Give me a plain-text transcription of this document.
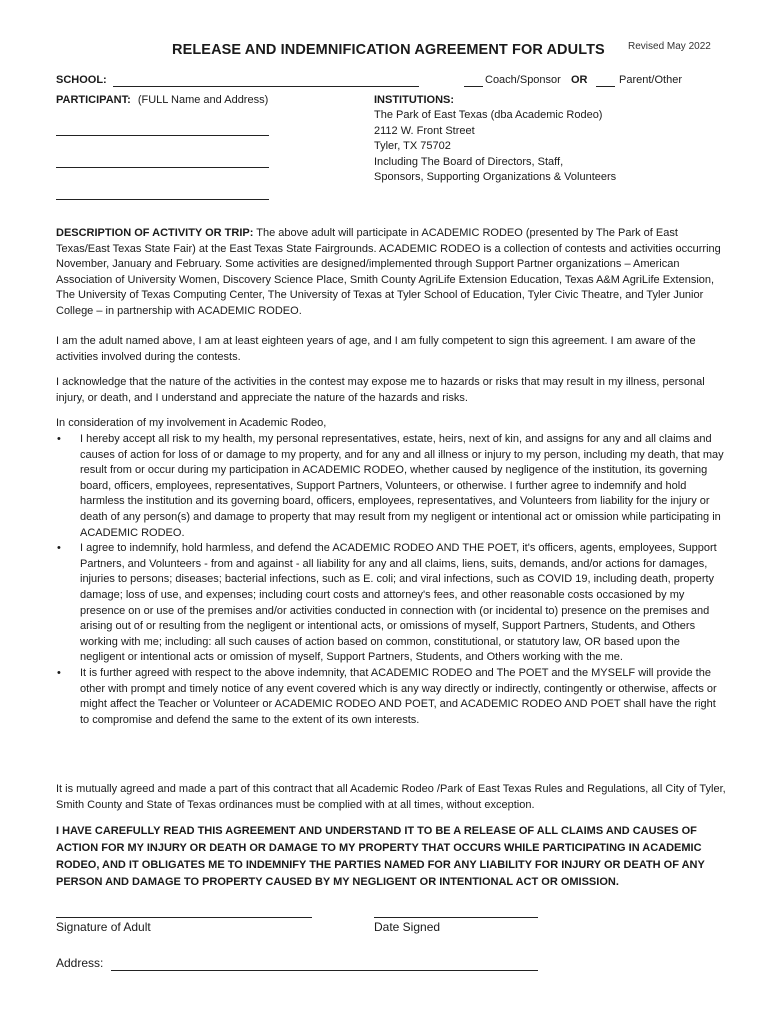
RELEASE AND INDEMNIFICATION AGREEMENT FOR ADULTS Revised May 2022
SCHOOL:	Coach/Sponsor OR	Parent/Other
PARTICIPANT: (FULL Name and Address)	INSTITUTIONS:
The Park of East Texas (dba Academic Rodeo)
2112 W. Front Street
Tyler, TX 75702
Including The Board of Directors, Staff,
Sponsors, Supporting Organizations & Volunteers
DESCRIPTION OF ACTIVITY OR TRIP: The above adult will participate in ACADEMIC RODEO (presented by The Park of East Texas/East Texas State Fair) at the East Texas State Fairgrounds. ACADEMIC RODEO is a collection of contests and activities occurring November, January and February. Some activities are designed/implemented through Support Partner organizations – American Association of University Women, Discovery Science Place, Smith County AgriLife Extension Education, Texas A&M AgriLife Extension, The University of Texas Computing Center, The University of Texas at Tyler School of Education, Tyler Civic Theatre, and Tyler Junior College – in partnership with ACADEMIC RODEO.
I am the adult named above, I am at least eighteen years of age, and I am fully competent to sign this agreement. I am aware of the activities involved during the contests.
I acknowledge that the nature of the activities in the contest may expose me to hazards or risks that may result in my illness, personal injury, or death, and I understand and appreciate the nature of the hazards and risks.
In consideration of my involvement in Academic Rodeo,
• I hereby accept all risk to my health, my personal representatives, estate, heirs, next of kin, and assigns for any and all claims and causes of action for loss of or damage to my property, and for any and all illness or injury to my person, including my death, that may result from or occur during my participation in ACADEMIC RODEO, whether caused by negligence of the institution, its governing board, officers, employees, representatives, Support Partners, Volunteers, or otherwise. I further agree to indemnify and hold harmless the institution and its governing board, officers, employees, representatives, and Volunteers from liability for the injury or death of any person(s) and damage to property that may result from my negligent or intentional act or omission while participating in ACADEMIC RODEO.
• I agree to indemnify, hold harmless, and defend the ACADEMIC RODEO AND THE POET, it's officers, agents, employees, Support Partners, and Volunteers - from and against - all liability for any and all claims, liens, suits, demands, and/or actions for damages, injuries to persons; diseases; bacterial infections, such as E. coli; and viral infections, such as COVID 19, including death, property damage; loss of use, and expenses; including court costs and attorney's fees, and other reasonable costs occasioned by my presence on or use of the premises and/or activities conducted in connection with (or incidental to) presence on the premises and arising out of or resulting from the negligent or intentional acts, or omissions of myself, Support Partners, Students, and Others working with me; including: all such causes of action based on common, constitutional, or statutory law, OR based upon the negligent or intentional acts or omission of myself, Support Partners, Students, and Others working with the me.
• It is further agreed with respect to the above indemnity, that ACADEMIC RODEO and The POET and the MYSELF will provide the other with prompt and timely notice of any event covered which is any way directly or indirectly, contingently or otherwise, affects or might affect the Teacher or Volunteer or ACADEMIC RODEO AND POET, and ACADEMIC RODEO AND POET shall have the right to compromise and defend the same to the extent of its own interests.
It is mutually agreed and made a part of this contract that all Academic Rodeo /Park of East Texas Rules and Regulations, all City of Tyler, Smith County and State of Texas ordinances must be complied with at all times, without exception.
I HAVE CAREFULLY READ THIS AGREEMENT AND UNDERSTAND IT TO BE A RELEASE OF ALL CLAIMS AND CAUSES OF ACTION FOR MY INJURY OR DEATH OR DAMAGE TO MY PROPERTY THAT OCCURS WHILE PARTICIPATING IN ACADEMIC RODEO, AND IT OBLIGATES ME TO INDEMNIFY THE PARTIES NAMED FOR ANY LIABILITY FOR INJURY OR DEATH OF ANY PERSON AND DAMAGE TO PROPERTY CAUSED BY MY NEGLIGENT OR INTENTIONAL ACT OR OMISSION.
Signature of Adult	Date Signed
Address:
